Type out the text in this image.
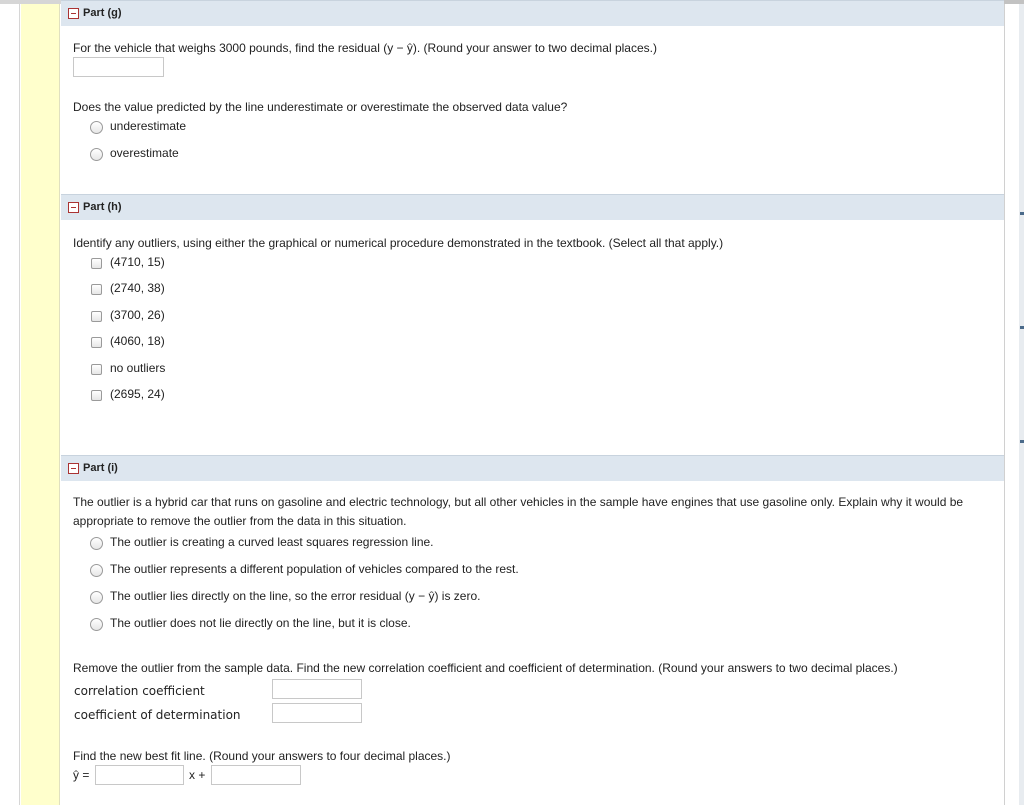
Part (g)
For the vehicle that weighs 3000 pounds, find the residual (y − ŷ). (Round your answer to two decimal places.)
Does the value predicted by the line underestimate or overestimate the observed data value?
underestimate
overestimate
Part (h)
Identify any outliers, using either the graphical or numerical procedure demonstrated in the textbook. (Select all that apply.)
(4710, 15)
(2740, 38)
(3700, 26)
(4060, 18)
no outliers
(2695, 24)
Part (i)
The outlier is a hybrid car that runs on gasoline and electric technology, but all other vehicles in the sample have engines that use gasoline only. Explain why it would be appropriate to remove the outlier from the data in this situation.
The outlier is creating a curved least squares regression line.
The outlier represents a different population of vehicles compared to the rest.
The outlier lies directly on the line, so the error residual (y − ŷ) is zero.
The outlier does not lie directly on the line, but it is close.
Remove the outlier from the sample data. Find the new correlation coefficient and coefficient of determination. (Round your answers to two decimal places.)
correlation coefficient
coefficient of determination
Find the new best fit line. (Round your answers to four decimal places.)
ŷ =	x +
